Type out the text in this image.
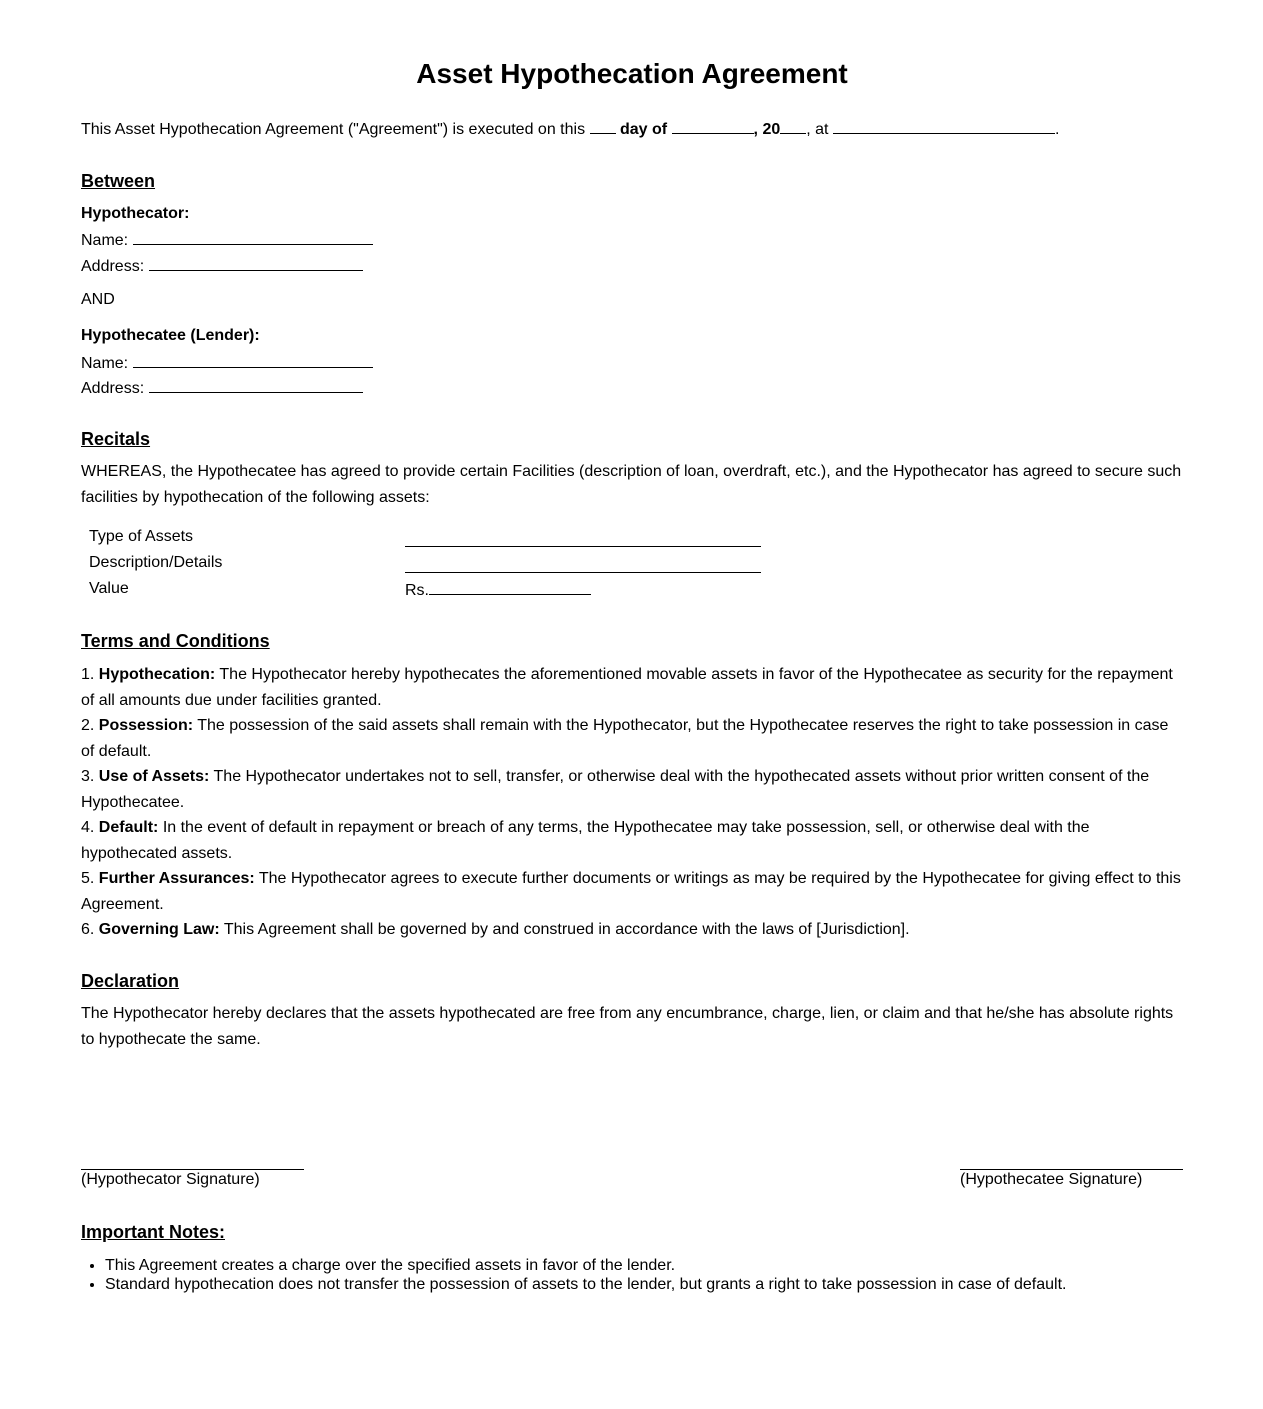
Asset Hypothecation Agreement
This Asset Hypothecation Agreement ("Agreement") is executed on this day of	, 20 , at	.
Between
Hypothecator:
Name:
Address:
AND
Hypothecatee (Lender):
Name:
Address:
Recitals
WHEREAS, the Hypothecatee has agreed to provide certain Facilities (description of loan, overdraft, etc.), and the Hypothecator has agreed to secure such facilities by hypothecation of the following assets:
Type of Assets
Description/Details
Value	Rs.
Terms and Conditions
1. Hypothecation: The Hypothecator hereby hypothecates the aforementioned movable assets in favor of the Hypothecatee as security for the repayment of all amounts due under facilities granted.
2. Possession: The possession of the said assets shall remain with the Hypothecator, but the Hypothecatee reserves the right to take possession in case of default.
3. Use of Assets: The Hypothecator undertakes not to sell, transfer, or otherwise deal with the hypothecated assets without prior written consent of the Hypothecatee.
4. Default: In the event of default in repayment or breach of any terms, the Hypothecatee may take possession, sell, or otherwise deal with the hypothecated assets.
5. Further Assurances: The Hypothecator agrees to execute further documents or writings as may be required by the Hypothecatee for giving effect to this Agreement.
6. Governing Law: This Agreement shall be governed by and construed in accordance with the laws of [Jurisdiction].
Declaration
The Hypothecator hereby declares that the assets hypothecated are free from any encumbrance, charge, lien, or claim and that he/she has absolute rights to hypothecate the same.
(Hypothecator Signature)	(Hypothecatee Signature)
Important Notes:
• This Agreement creates a charge over the specified assets in favor of the lender.
• Standard hypothecation does not transfer the possession of assets to the lender, but grants a right to take possession in case of default.
